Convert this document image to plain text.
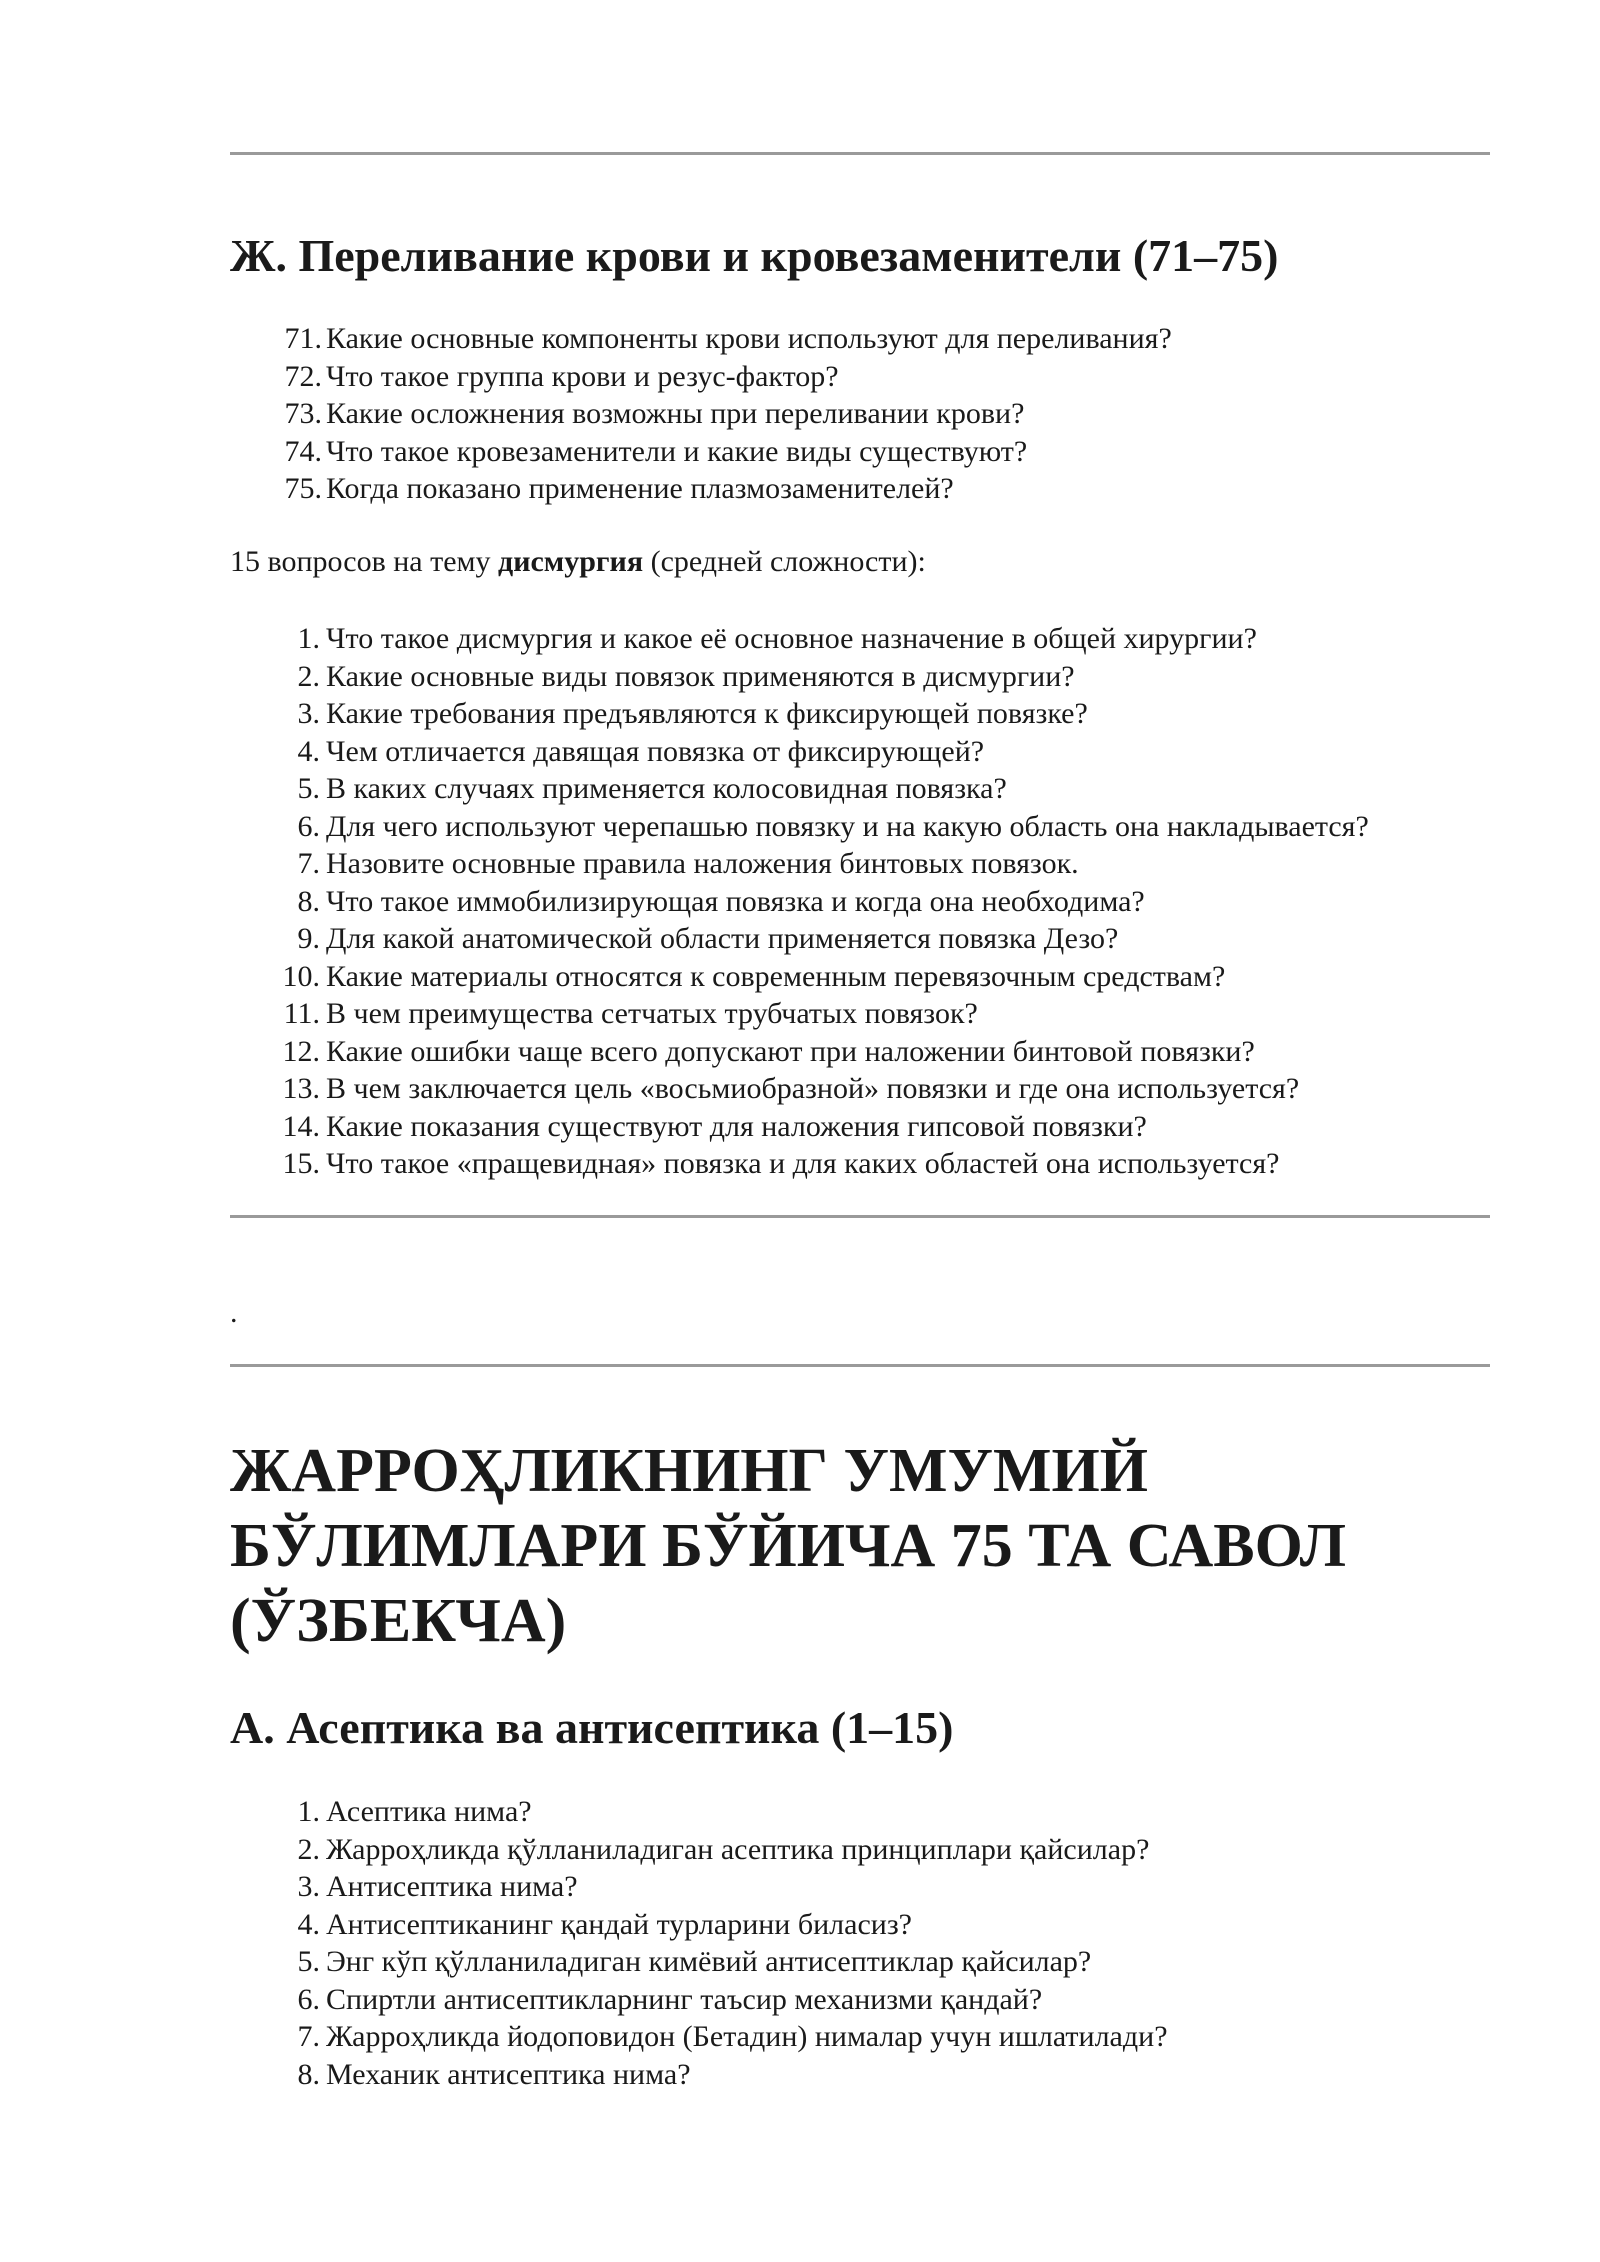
Ж. Переливание крови и кровезаменители (71–75)
71. Какие основные компоненты крови используют для переливания?
72. Что такое группа крови и резус-фактор?
73. Какие осложнения возможны при переливании крови?
74. Что такое кровезаменители и какие виды существуют?
75. Когда показано применение плазмозаменителей?

15 вопросов на тему дисмургия (средней сложности):

1. Что такое дисмургия и какое её основное назначение в общей хирургии?
2. Какие основные виды повязок применяются в дисмургии?
3. Какие требования предъявляются к фиксирующей повязке?
4. Чем отличается давящая повязка от фиксирующей?
5. В каких случаях применяется колосовидная повязка?
6. Для чего используют черепашью повязку и на какую область она накладывается?
7. Назовите основные правила наложения бинтовых повязок.
8. Что такое иммобилизирующая повязка и когда она необходима?
9. Для какой анатомической области применяется повязка Дезо?
10. Какие материалы относятся к современным перевязочным средствам?
11. В чем преимущества сетчатых трубчатых повязок?
12. Какие ошибки чаще всего допускают при наложении бинтовой повязки?
13. В чем заключается цель «восьмиобразной» повязки и где она используется?
14. Какие показания существуют для наложения гипсовой повязки?
15. Что такое «пращевидная» повязка и для каких областей она используется?
.
ЖАРРОҲЛИКНИНГ УМУМИЙ БЎЛИМЛАРИ БЎЙИЧА 75 ТА САВОЛ (ЎЗБЕКЧА)
A. Асептика ва антисептика (1–15)
1. Асептика нима?
2. Жарроҳликда қўлланиладиган асептика принциплари қайсилар?
3. Антисептика нима?
4. Антисептиканинг қандай турларини биласиз?
5. Энг кўп қўлланиладиган кимёвий антисептиклар қайсилар?
6. Спиртли антисептикларнинг таъсир механизми қандай?
7. Жарроҳликда йодоповидон (Бетадин) нималар учун ишлатилади?
8. Механик антисептика нима?
